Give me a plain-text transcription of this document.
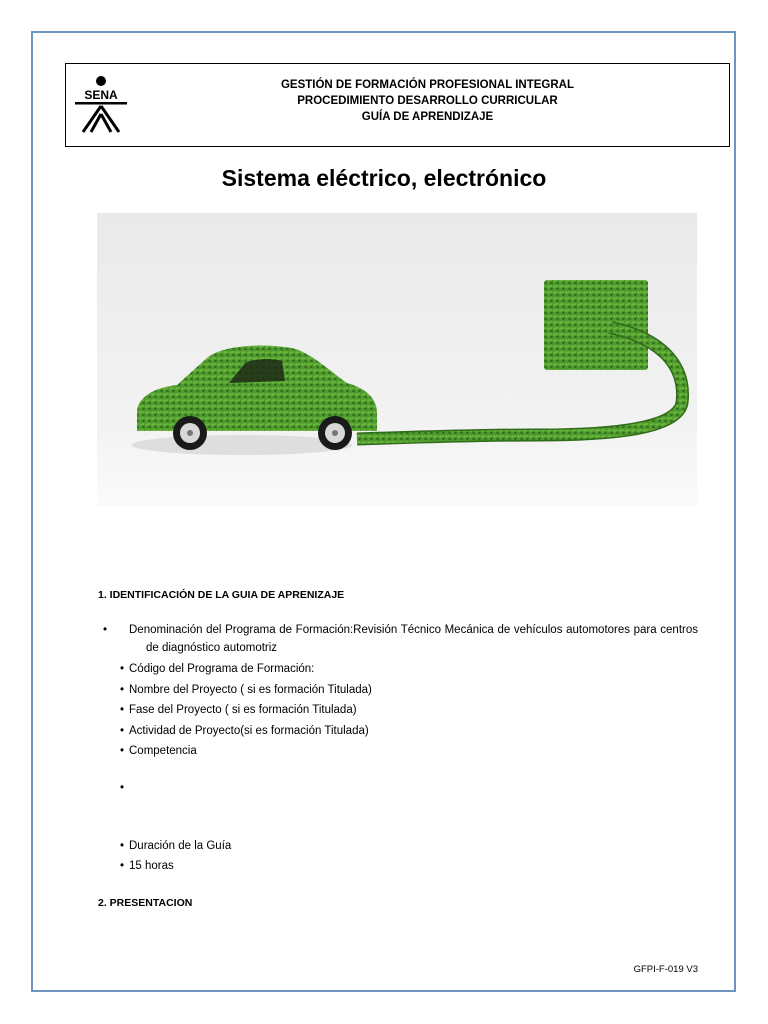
SENA
GESTIÓN DE FORMACIÓN PROFESIONAL INTEGRAL
PROCEDIMIENTO DESARROLLO CURRICULAR
GUÍA DE APRENDIZAJE
Sistema eléctrico, electrónico
1. IDENTIFICACIÓN DE LA GUIA DE APRENIZAJE
• Denominación del Programa de Formación:Revisión Técnico Mecánica de vehículos automotores para centros de diagnóstico automotriz
• Código del Programa de Formación:
• Nombre del Proyecto ( si es formación Titulada)
• Fase del Proyecto ( si es formación Titulada)
• Actividad de Proyecto(si es formación Titulada)
• Competencia
•
• Duración de la Guía
• 15 horas
2. PRESENTACION
GFPI-F-019 V3
